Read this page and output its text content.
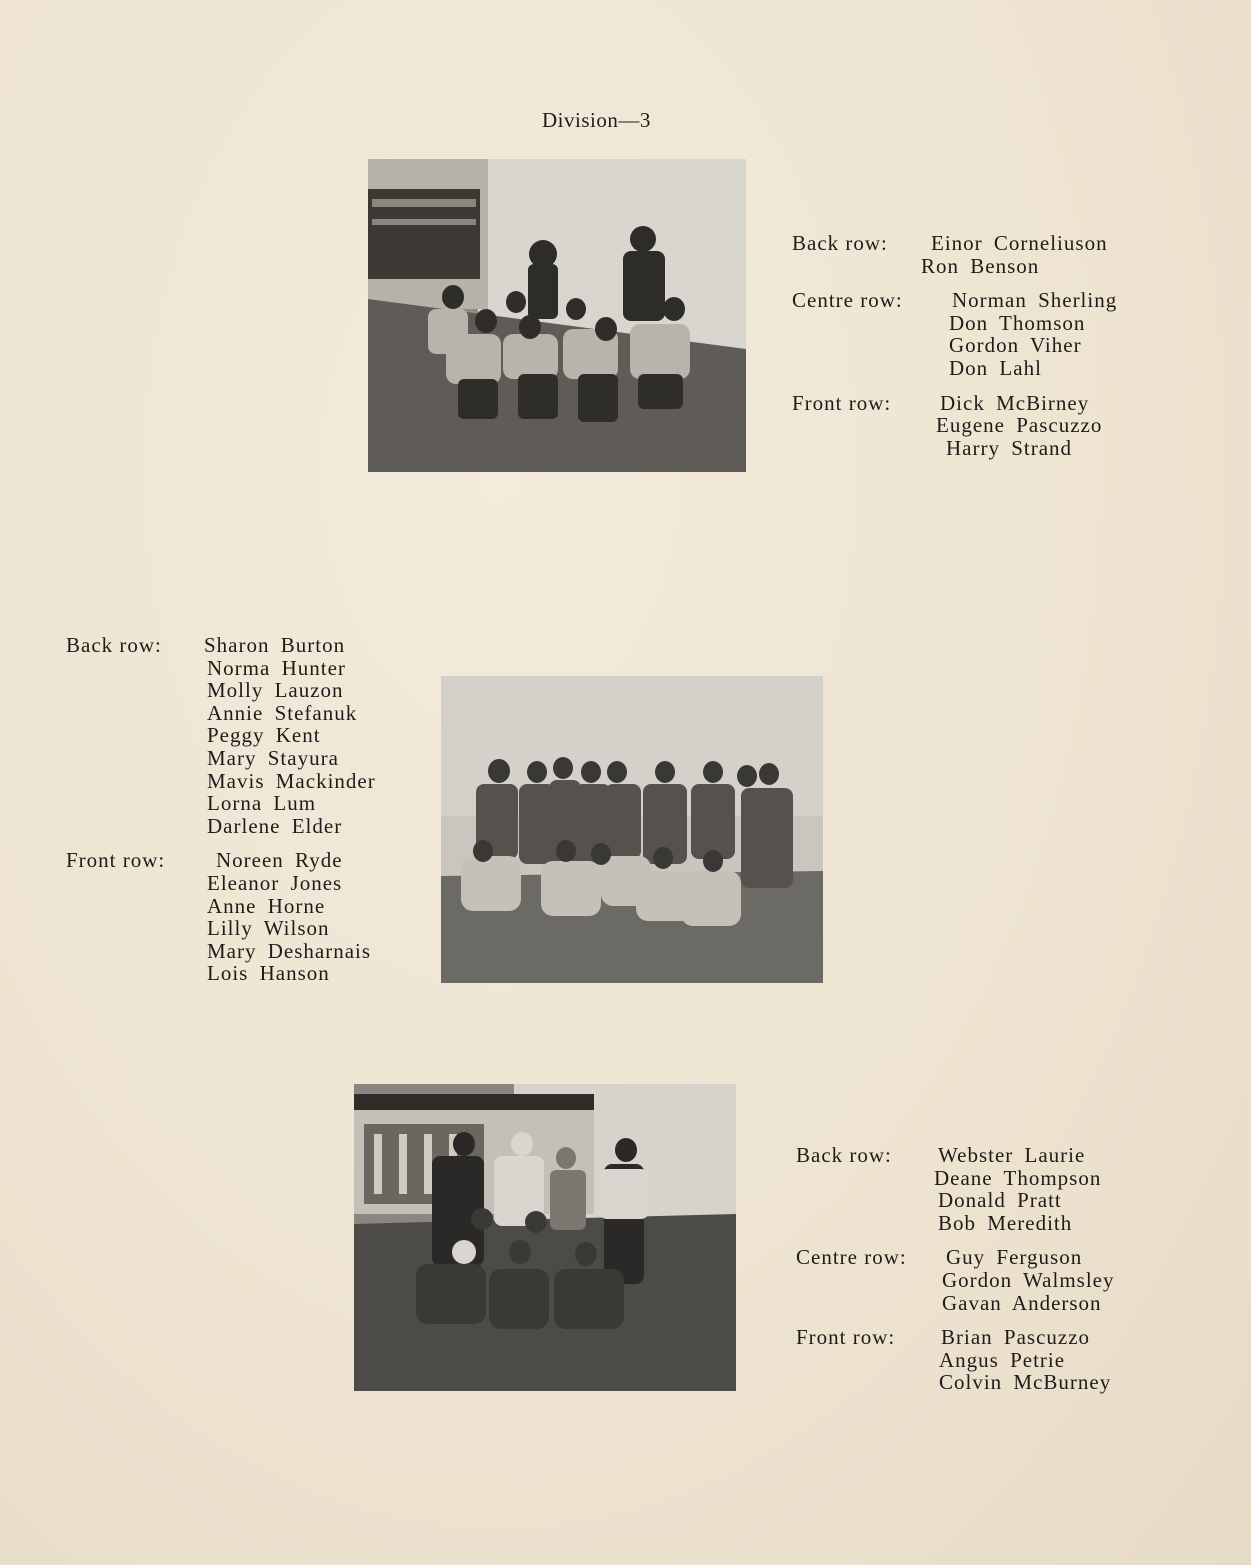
Division—3
Back row:	Einor Corneliuson
Ron Benson
Centre row:	Norman Sherling
Don Thomson
Gordon Viher
Don Lahl
Front row:	Dick McBirney
Eugene Pascuzzo
Harry Strand
Back row:	Sharon Burton
Norma Hunter
Molly Lauzon
Annie Stefanuk
Peggy Kent
Mary Stayura
Mavis Mackinder
Lorna Lum
Darlene Elder
Front row:	Noreen Ryde
Eleanor Jones
Anne Horne
Lilly Wilson
Mary Desharnais
Lois Hanson
Back row:	Webster Laurie
Deane Thompson
Donald Pratt
Bob Meredith
Centre row:	Guy Ferguson
Gordon Walmsley
Gavan Anderson
Front row:	Brian Pascuzzo
Angus Petrie
Colvin McBurney
